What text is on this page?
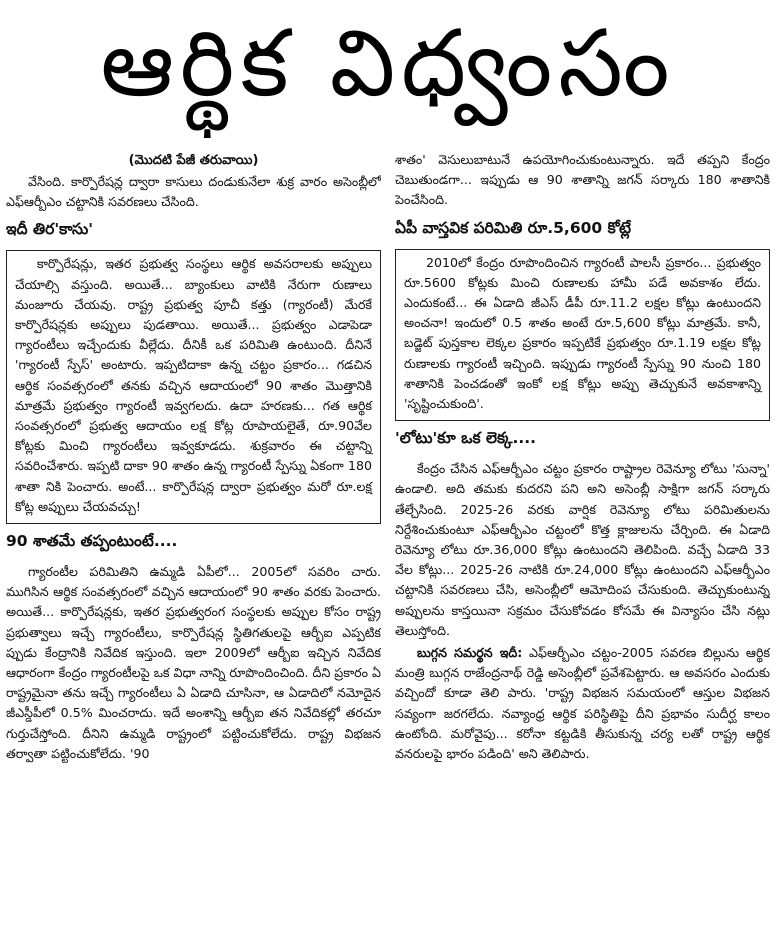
ఆర్థిక విధ్వంసం
(మొదటి పేజీ తరువాయి)

వేసింది. కార్పొరేషన్ల ద్వారా కాసులు దండుకునేలా శుక్ర వారం అసెంబ్లీలో ఎఫ్ఆర్బీఎం చట్టానికి సవరణలు చేసింది.

ఇదీ తిర'కాసు'

కార్పొరేషన్లు, ఇతర ప్రభుత్వ సంస్థలు ఆర్థిక అవసరాలకు అప్పులు చేయాల్సి వస్తుంది. అయితే... బ్యాంకులు వాటికి నేరుగా రుణాలు మంజూరు చేయవు. రాష్ట్ర ప్రభుత్వ పూచీ కత్తు (గ్యారంటీ) మేరకే కార్పొరేషన్లకు అప్పులు పుడతాయి. అయితే... ప్రభుత్వం ఎడాపెడా గ్యారంటీలు ఇచ్చేందుకు వీల్లేదు. దీనికీ ఒక పరిమితి ఉంటుంది. దీనినే 'గ్యారంటీ స్పేస్' అంటారు. ఇప్పటిదాకా ఉన్న చట్టం ప్రకారం... గడచిన ఆర్థిక సంవత్సరంలో తనకు వచ్చిన ఆదాయంలో 90 శాతం మొత్తానికి మాత్రమే ప్రభుత్వం గ్యారంటీ ఇవ్వగలదు. ఉదా హరణకు... గత ఆర్థిక సంవత్సరంలో ప్రభుత్వ ఆదాయం లక్ష కోట్ల రూపాయలైతే, రూ.90వేల కోట్లకు మించి గ్యారంటీలు ఇవ్వకూడదు. శుక్రవారం ఈ చట్టాన్ని సవరించేశారు. ఇప్పటి దాకా 90 శాతం ఉన్న గ్యారంటీ స్పేస్ను ఏకంగా 180 శాతా నికి పెంచారు. అంటే... కార్పొరేషన్ల ద్వారా ప్రభుత్వం మరో రూ.లక్ష కోట్ల అప్పులు చేయవచ్చు!

90 శాతమే తప్పంటుంటే....

గ్యారంటీల పరిమితిని ఉమ్మడి ఏపీలో... 2005లో సవరిం చారు. ముగిసిన ఆర్థిక సంవత్సరంలో వచ్చిన ఆదాయంలో 90 శాతం వరకు పెంచారు. అయితే... కార్పొరేషన్లకు, ఇతర ప్రభుత్వరంగ సంస్థలకు అప్పుల కోసం రాష్ట్ర ప్రభుత్వాలు ఇచ్చే గ్యారంటీలు, కార్పొరేషన్ల స్థితిగతులపై ఆర్బీఐ ఎప్పటిక ప్పుడు కేంద్రానికి నివేదిక ఇస్తుంది. ఇలా 2009లో ఆర్బీఐ ఇచ్చిన నివేదిక ఆధారంగా కేంద్రం గ్యారంటీలపై ఒక విధా నాన్ని రూపొందించింది. దీని ప్రకారం ఏ రాష్ట్రమైనా తను ఇచ్చే గ్యారంటీలు ఏ ఏడాది చూసినా, ఆ ఏడాదిలో నమోదైన జీఎస్డీపీలో 0.5% మించరాదు. ఇదే అంశాన్ని ఆర్బీఐ తన నివేదికల్లో తరచూ గుర్తుచేస్తోంది. దీనిని ఉమ్మడి రాష్ట్రంలో పట్టించుకోలేదు. రాష్ట్ర విభజన తర్వాతా పట్టించుకోలేదు. '90

శాతం' వెసులుబాటునే ఉపయోగించుకుంటున్నారు. ఇదే తప్పని కేంద్రం చెబుతుండగా... ఇప్పుడు ఆ 90 శాతాన్ని జగన్ సర్కారు 180 శాతానికి పెంచేసింది.

ఏపీ వాస్తవిక పరిమితి రూ.5,600 కోట్లే

2010లో కేంద్రం రూపొందించిన గ్యారంటీ పాలసీ ప్రకారం... ప్రభుత్వం రూ.5600 కోట్లకు మించి రుణాలకు హామీ పడే అవకాశం లేదు. ఎందుకంటే... ఈ ఏడాది జీఎస్ డీపీ రూ.11.2 లక్షల కోట్లు ఉంటుందని అంచనా! ఇందులో 0.5 శాతం అంటే రూ.5,600 కోట్లు మాత్రమే. కానీ, బడ్జెట్ పుస్తకాల లెక్కల ప్రకారం ఇప్పటికే ప్రభుత్వం రూ.1.19 లక్షల కోట్ల రుణాలకు గ్యారంటీ ఇచ్చింది. ఇప్పుడు గ్యారంటీ స్పేస్ను 90 నుంచి 180 శాతానికి పెంచడంతో ఇంకో లక్ష కోట్లు అప్పు తెచ్చుకునే అవకాశాన్ని 'సృష్టించుకుంది'.

'లోటు'కూ ఒక లెక్క....

కేంద్రం చేసిన ఎఫ్ఆర్బీఎం చట్టం ప్రకారం రాష్ట్రాల రెవెన్యూ లోటు 'సున్నా' ఉండాలి. అది తమకు కుదరని పని అని అసెంబ్లీ సాక్షిగా జగన్ సర్కారు తేల్చేసింది. 2025-26 వరకు వార్షిక రెవెన్యూ లోటు పరిమితులను నిర్దేశించుకుంటూ ఎఫ్ఆర్బీఎం చట్టంలో కొత్త క్లాజులను చేర్చింది. ఈ ఏడాది రెవెన్యూ లోటు రూ.36,000 కోట్లు ఉంటుందని తెలిపింది. వచ్చే ఏడాది 33 వేల కోట్లు... 2025-26 నాటికి రూ.24,000 కోట్లు ఉంటుందని ఎఫ్ఆర్బీఎం చట్టానికి సవరణలు చేసి, అసెంబ్లీలో ఆమోదింప చేసుకుంది. తెచ్చుకుంటున్న అప్పులను కాస్తయినా సక్రమం చేసుకోవడం కోసమే ఈ విన్యాసం చేసి నట్లు తెలుస్తోంది.

బుగ్గన సమర్థన ఇదీ: ఎఫ్ఆర్బీఎం చట్టం-2005 సవరణ బిల్లును ఆర్థిక మంత్రి బుగ్గన రాజేంద్రనాథ్ రెడ్డి అసెంబ్లీలో ప్రవేశపెట్టారు. ఆ అవసరం ఎందుకు వచ్చిందో కూడా తెలి పారు. 'రాష్ట్ర విభజన సమయంలో ఆస్తుల విభజన సవ్యంగా జరగలేదు. నవ్యాంధ్ర ఆర్థిక పరిస్థితిపై దీని ప్రభావం సుదీర్ఘ కాలం ఉంటోంది. మరోవైపు... కరోనా కట్టడికి తీసుకున్న చర్య లతో రాష్ట్ర ఆర్థిక వనరులపై భారం పడింది' అని తెలిపారు.
